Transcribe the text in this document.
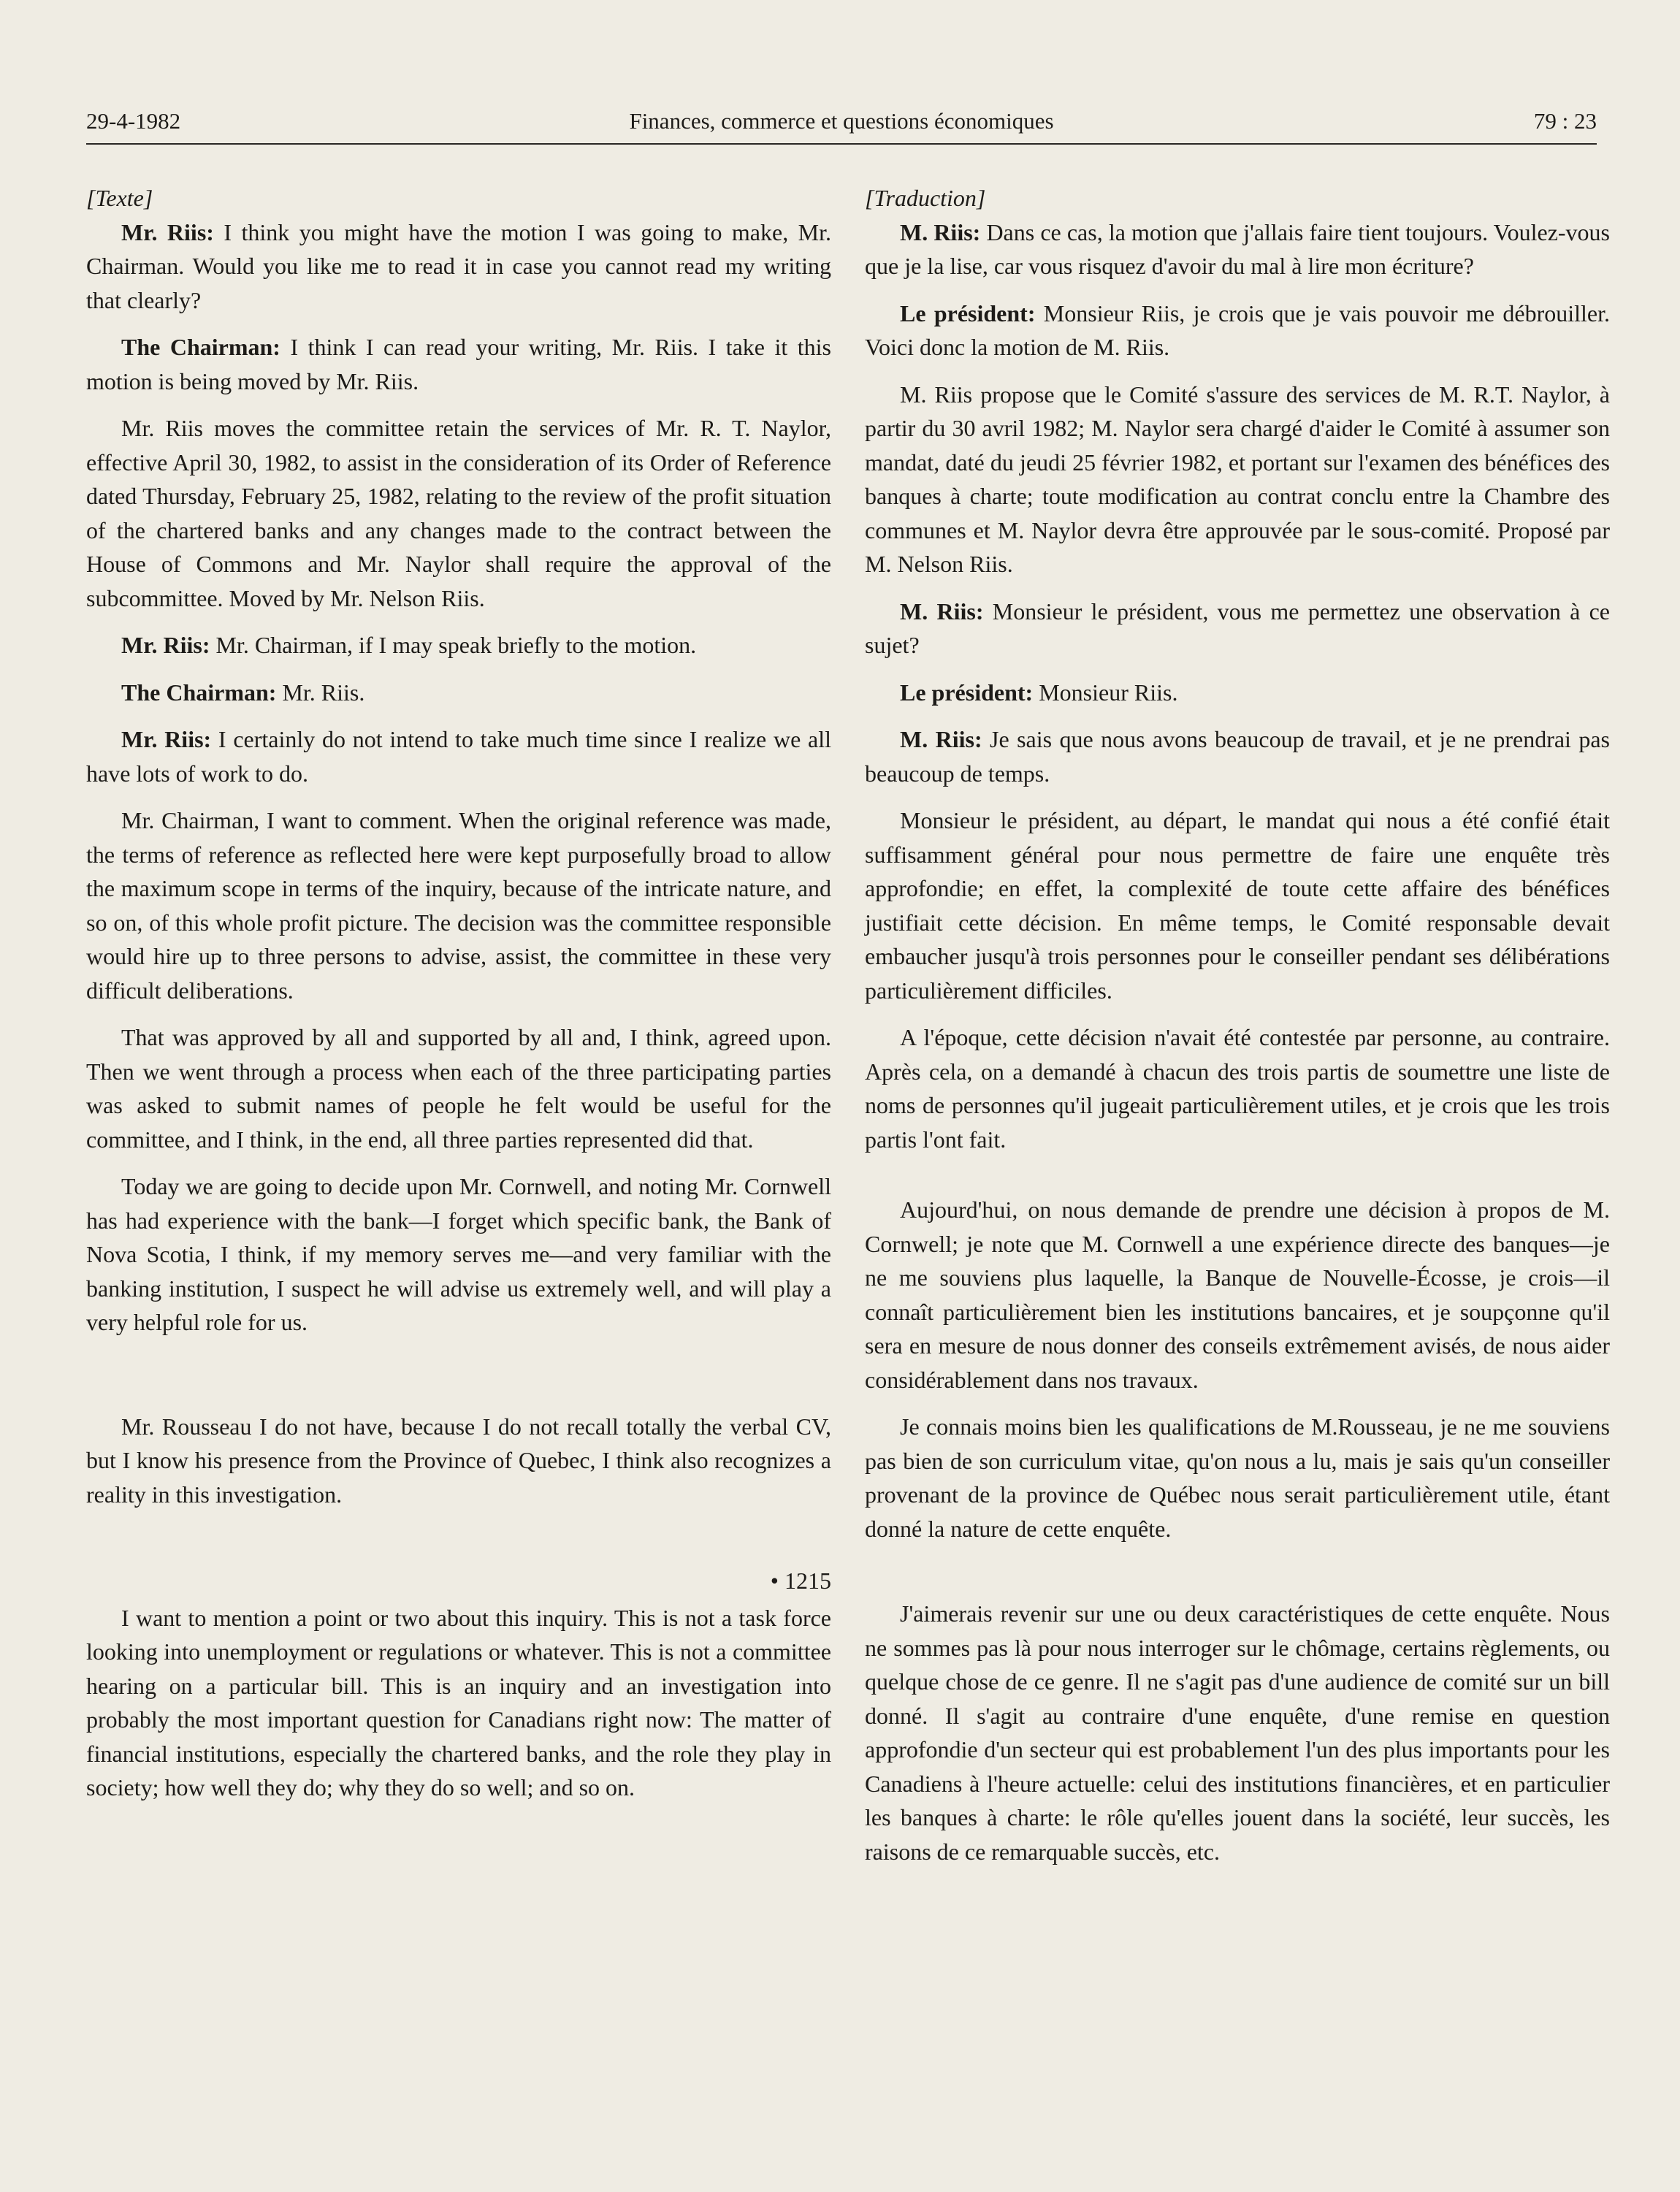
29-4-1982	Finances, commerce et questions économiques	79 : 23
[Texte]

Mr. Riis: I think you might have the motion I was going to make, Mr. Chairman. Would you like me to read it in case you cannot read my writing that clearly?

The Chairman: I think I can read your writing, Mr. Riis. I take it this motion is being moved by Mr. Riis.

Mr. Riis moves the committee retain the services of Mr. R. T. Naylor, effective April 30, 1982, to assist in the consideration of its Order of Reference dated Thursday, February 25, 1982, relating to the review of the profit situation of the chartered banks and any changes made to the contract between the House of Commons and Mr. Naylor shall require the approval of the subcommittee. Moved by Mr. Nelson Riis.

Mr. Riis: Mr. Chairman, if I may speak briefly to the motion.

The Chairman: Mr. Riis.

Mr. Riis: I certainly do not intend to take much time since I realize we all have lots of work to do.

Mr. Chairman, I want to comment. When the original reference was made, the terms of reference as reflected here were kept purposefully broad to allow the maximum scope in terms of the inquiry, because of the intricate nature, and so on, of this whole profit picture. The decision was the committee responsible would hire up to three persons to advise, assist, the committee in these very difficult deliberations.

That was approved by all and supported by all and, I think, agreed upon. Then we went through a process when each of the three participating parties was asked to submit names of people he felt would be useful for the committee, and I think, in the end, all three parties represented did that.

Today we are going to decide upon Mr. Cornwell, and noting Mr. Cornwell has had experience with the bank—I forget which specific bank, the Bank of Nova Scotia, I think, if my memory serves me—and very familiar with the banking institution, I suspect he will advise us extremely well, and will play a very helpful role for us.

Mr. Rousseau I do not have, because I do not recall totally the verbal CV, but I know his presence from the Province of Quebec, I think also recognizes a reality in this investigation.

• 1215

I want to mention a point or two about this inquiry. This is not a task force looking into unemployment or regulations or whatever. This is not a committee hearing on a particular bill. This is an inquiry and an investigation into probably the most important question for Canadians right now: The matter of financial institutions, especially the chartered banks, and the role they play in society; how well they do; why they do so well; and so on.

[Traduction]

M. Riis: Dans ce cas, la motion que j'allais faire tient toujours. Voulez-vous que je la lise, car vous risquez d'avoir du mal à lire mon écriture?

Le président: Monsieur Riis, je crois que je vais pouvoir me débrouiller. Voici donc la motion de M. Riis.

M. Riis propose que le Comité s'assure des services de M. R.T. Naylor, à partir du 30 avril 1982; M. Naylor sera chargé d'aider le Comité à assumer son mandat, daté du jeudi 25 février 1982, et portant sur l'examen des bénéfices des banques à charte; toute modification au contrat conclu entre la Chambre des communes et M. Naylor devra être approuvée par le sous-comité. Proposé par M. Nelson Riis.

M. Riis: Monsieur le président, vous me permettez une observation à ce sujet?

Le président: Monsieur Riis.

M. Riis: Je sais que nous avons beaucoup de travail, et je ne prendrai pas beaucoup de temps.

Monsieur le président, au départ, le mandat qui nous a été confié était suffisamment général pour nous permettre de faire une enquête très approfondie; en effet, la complexité de toute cette affaire des bénéfices justifiait cette décision. En même temps, le Comité responsable devait embaucher jusqu'à trois personnes pour le conseiller pendant ses délibérations particulièrement difficiles.

A l'époque, cette décision n'avait été contestée par personne, au contraire. Après cela, on a demandé à chacun des trois partis de soumettre une liste de noms de personnes qu'il jugeait particulièrement utiles, et je crois que les trois partis l'ont fait.

Aujourd'hui, on nous demande de prendre une décision à propos de M. Cornwell; je note que M. Cornwell a une expérience directe des banques—je ne me souviens plus laquelle, la Banque de Nouvelle-Écosse, je crois—il connaît particulièrement bien les institutions bancaires, et je soupçonne qu'il sera en mesure de nous donner des conseils extrêmement avisés, de nous aider considérablement dans nos travaux.

Je connais moins bien les qualifications de M.Rousseau, je ne me souviens pas bien de son curriculum vitae, qu'on nous a lu, mais je sais qu'un conseiller provenant de la province de Québec nous serait particulièrement utile, étant donné la nature de cette enquête.

J'aimerais revenir sur une ou deux caractéristiques de cette enquête. Nous ne sommes pas là pour nous interroger sur le chômage, certains règlements, ou quelque chose de ce genre. Il ne s'agit pas d'une audience de comité sur un bill donné. Il s'agit au contraire d'une enquête, d'une remise en question approfondie d'un secteur qui est probablement l'un des plus importants pour les Canadiens à l'heure actuelle: celui des institutions financières, et en particulier les banques à charte: le rôle qu'elles jouent dans la société, leur succès, les raisons de ce remarquable succès, etc.
